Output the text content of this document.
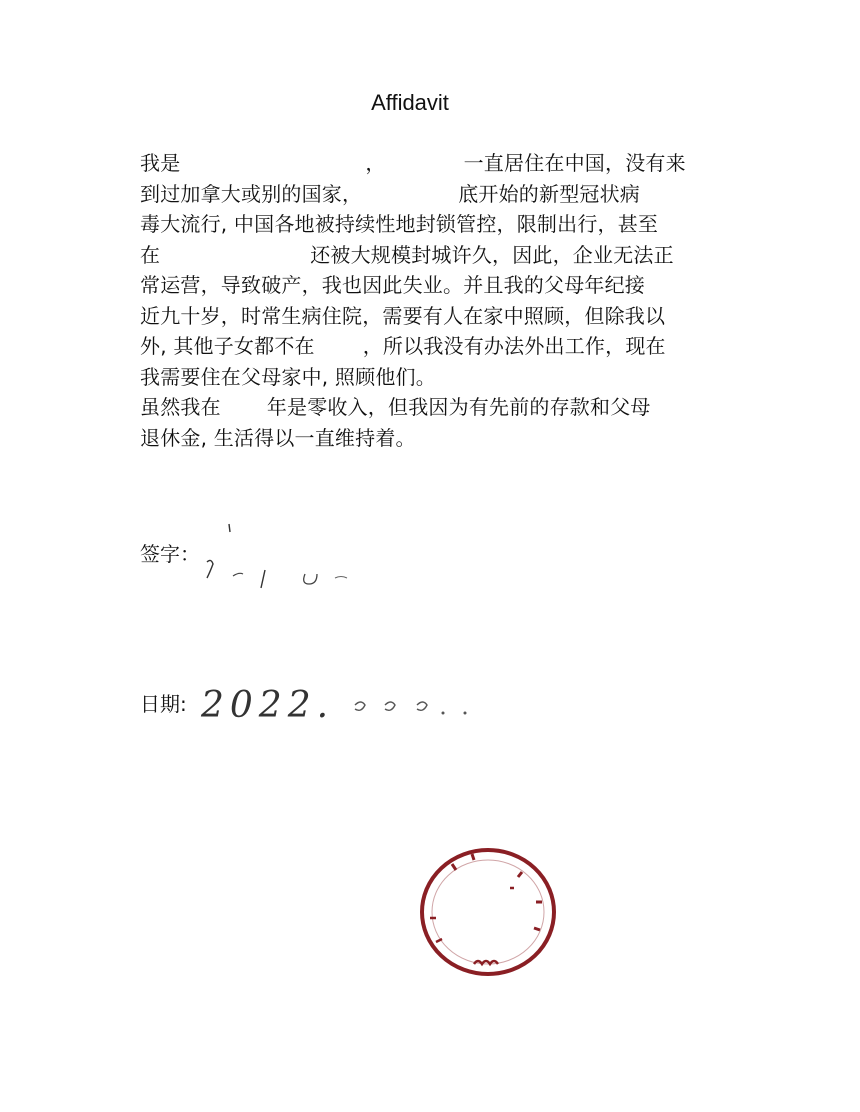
Affidavit
我是	，	一直居住在中国，没有来
到过加拿大或别的国家，	底开始的新型冠状病
毒大流行, 中国各地被持续性地封锁管控，限制出行，甚至
在	还被大规模封城许久，因此，企业无法正
常运营，导致破产，我也因此失业。并且我的父母年纪接
近九十岁，时常生病住院，需要有人在家中照顾，但除我以
外, 其他子女都不在 ，所以我没有办法外出工作，现在
我需要住在父母家中, 照顾他们。
虽然我在 年是零收入，但我因为有先前的存款和父母
退休金, 生活得以一直维持着。
签字：
日期: 2022.
